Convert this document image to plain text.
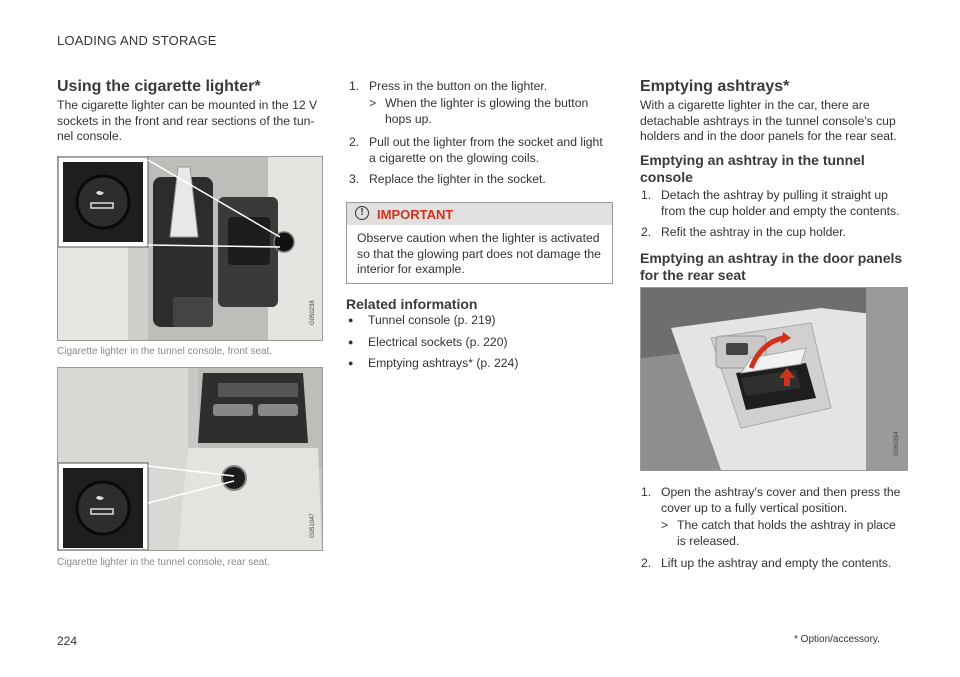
LOADING AND STORAGE
Using the cigarette lighter*
The cigarette lighter can be mounted in the 12 V
sockets in the front and rear sections of the tun-
nel console.
G050238
Cigarette lighter in the tunnel console, front seat.
G051047
Cigarette lighter in the tunnel console, rear seat.
1. Press in the button on the lighter.
> When the lighter is glowing the button
hops up.
2. Pull out the lighter from the socket and light
a cigarette on the glowing coils.
3. Replace the lighter in the socket.
!	IMPORTANT
Observe caution when the lighter is activated
so that the glowing part does not damage the
interior for example.
Related information
● Tunnel console (p. 219)
● Electrical sockets (p. 220)
● Emptying ashtrays* (p. 224)
Emptying ashtrays*
With a cigarette lighter in the car, there are
detachable ashtrays in the tunnel console's cup
holders and in the door panels for the rear seat.
Emptying an ashtray in the tunnel
console
1. Detach the ashtray by pulling it straight up
from the cup holder and empty the contents.
2. Refit the ashtray in the cup holder.
Emptying an ashtray in the door panels
for the rear seat
G060394
1. Open the ashtray's cover and then press the
cover up to a fully vertical position.
> The catch that holds the ashtray in place
is released.
2. Lift up the ashtray and empty the contents.
224	* Option/accessory.
